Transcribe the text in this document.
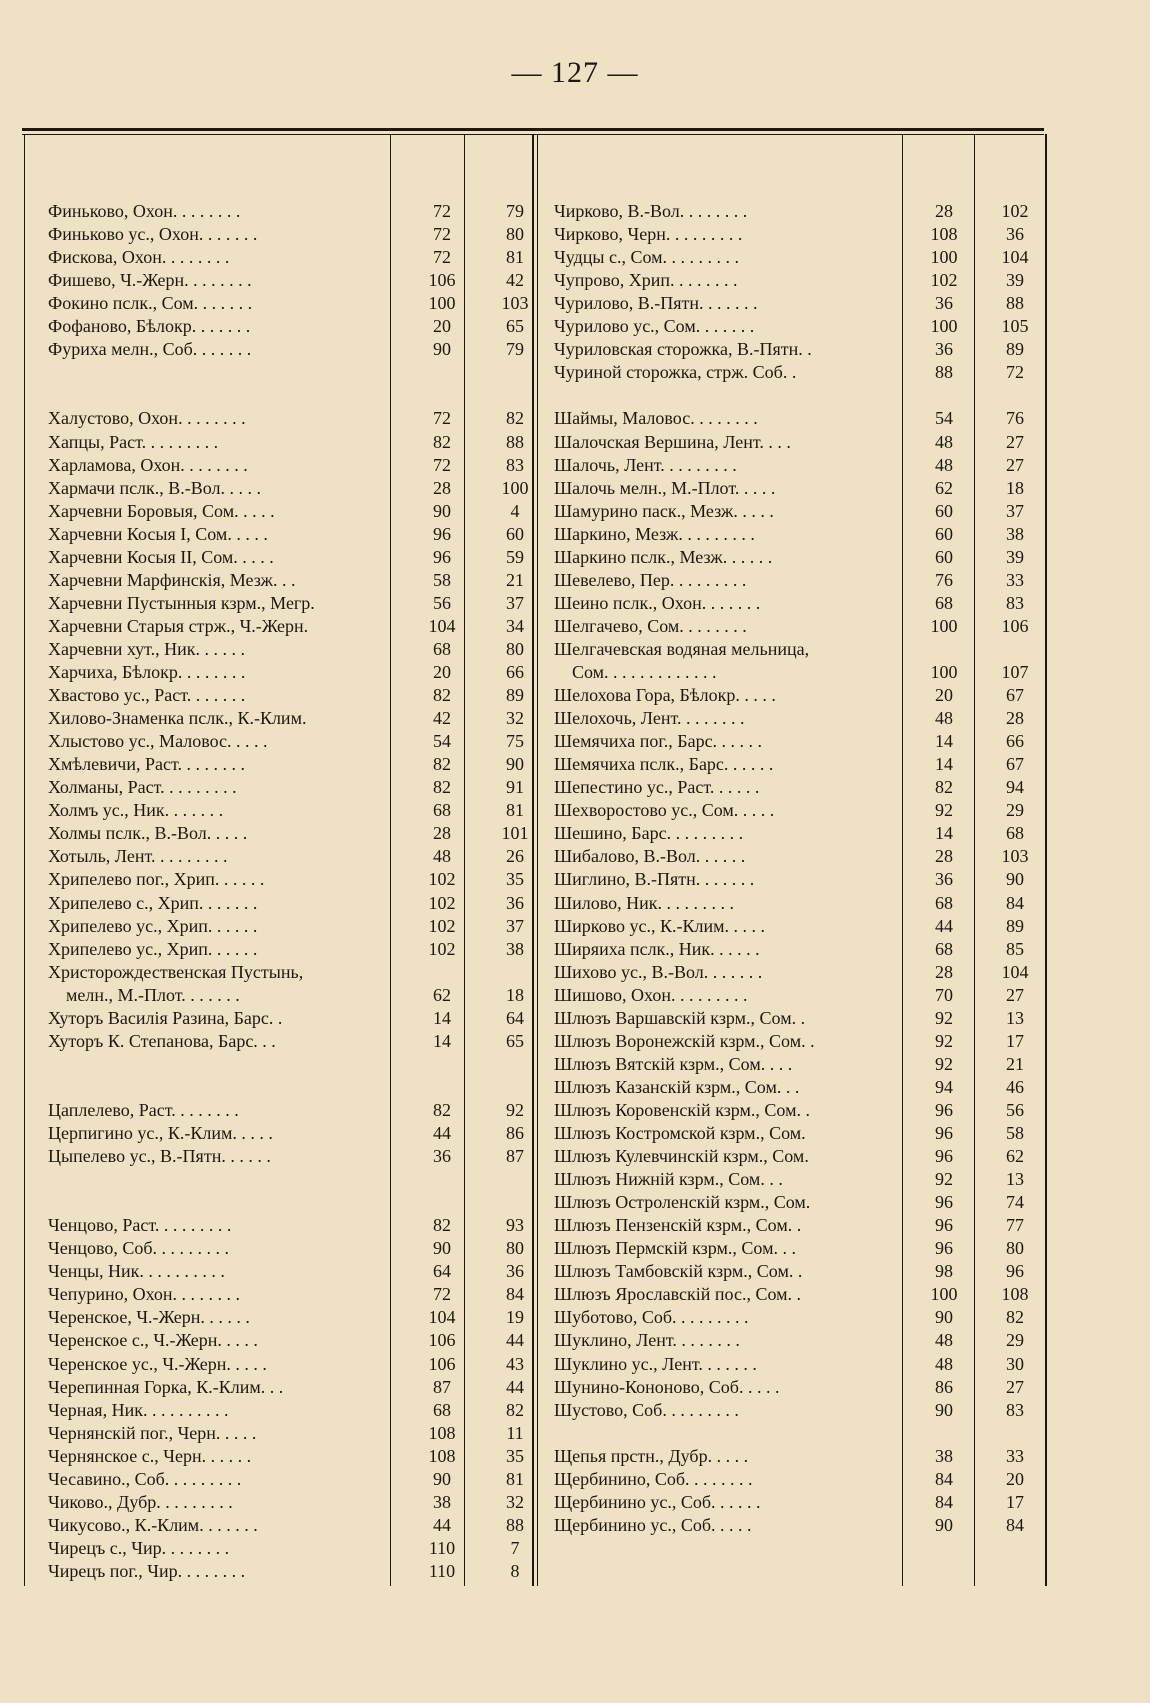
— 127 —
Финьково, Охон. . . . . . . .	72	79
Финьково ус., Охон. . . . . . .	72	80
Фискова, Охон. . . . . . . .	72	81
Фишево, Ч.-Жерн. . . . . . . .	106	42
Фокино пслк., Сом. . . . . . .	100	103
Фофаново, Бѣлокр. . . . . . .	20	65
Фуриха мелн., Соб. . . . . . .	90	79
Халустово, Охон. . . . . . . .	72	82
Хапцы, Раст. . . . . . . . .	82	88
Харламова, Охон. . . . . . . .	72	83
Хармачи пслк., В.-Вол. . . . .	28	100
Харчевни Боровыя, Сом. . . . .	90	4
Харчевни Косыя I, Сом. . . . .	96	60
Харчевни Косыя II, Сом. . . . .	96	59
Харчевни Марфинскія, Мезж. . .	58	21
Харчевни Пустынныя кзрм., Мегр.	56	37
Харчевни Старыя стрж., Ч.-Жерн.	104	34
Харчевни хут., Ник. . . . . .	68	80
Харчиха, Бѣлокр. . . . . . . .	20	66
Хвастово ус., Раст. . . . . . .	82	89
Хилово-Знаменка пслк., К.-Клим.	42	32
Хлыстово ус., Маловос. . . . .	54	75
Хмѣлевичи, Раст. . . . . . . .	82	90
Холманы, Раст. . . . . . . . .	82	91
Холмъ ус., Ник. . . . . . .	68	81
Холмы пслк., В.-Вол. . . . .	28	101
Хотыль, Лент. . . . . . . . .	48	26
Хрипелево пог., Хрип. . . . . .	102	35
Хрипелево с., Хрип. . . . . . .	102	36
Хрипелево ус., Хрип. . . . . .	102	37
Хрипелево ус., Хрип. . . . . .	102	38
Христорождественская Пустынь,
мелн., М.-Плот. . . . . . .	62	18
Хуторъ Василія Разина, Барс. .	14	64
Хуторъ К. Степанова, Барс. . .	14	65
Цаплелево, Раст. . . . . . . .	82	92
Церпигино ус., К.-Клим. . . . .	44	86
Цыпелево ус., В.-Пятн. . . . . .	36	87
Ченцово, Раст. . . . . . . . .	82	93
Ченцово, Соб. . . . . . . . .	90	80
Ченцы, Ник. . . . . . . . . .	64	36
Чепурино, Охон. . . . . . . .	72	84
Черенское, Ч.-Жерн. . . . . .	104	19
Черенское с., Ч.-Жерн. . . . .	106	44
Черенское ус., Ч.-Жерн. . . . .	106	43
Черепинная Горка, К.-Клим. . .	87	44
Черная, Ник. . . . . . . . . .	68	82
Чернянскій пог., Черн. . . . .	108	11
Чернянское с., Черн. . . . . .	108	35
Чесавино., Соб. . . . . . . . .	90	81
Чиково., Дубр. . . . . . . . .	38	32
Чикусово., К.-Клим. . . . . . .	44	88
Чирецъ с., Чир. . . . . . . .	110	7
Чирецъ пог., Чир. . . . . . . .	110	8
Чирково, В.-Вол. . . . . . . .	28	102
Чирково, Черн. . . . . . . . .	108	36
Чудцы с., Сом. . . . . . . . .	100	104
Чупрово, Хрип. . . . . . . .	102	39
Чурилово, В.-Пятн. . . . . . .	36	88
Чурилово ус., Сом. . . . . . .	100	105
Чуриловская сторожка, В.-Пятн. .	36	89
Чуриной сторожка, стрж. Соб. .	88	72
Шаймы, Маловос. . . . . . . .	54	76
Шалочская Вершина, Лент. . . .	48	27
Шалочь, Лент. . . . . . . . .	48	27
Шалочь мелн., М.-Плот. . . . .	62	18
Шамурино паск., Мезж. . . . .	60	37
Шаркино, Мезж. . . . . . . . .	60	38
Шаркино пслк., Мезж. . . . . .	60	39
Шевелево, Пер. . . . . . . . .	76	33
Шеино пслк., Охон. . . . . . .	68	83
Шелгачево, Сом. . . . . . . .	100	106
Шелгачевская водяная мельница,
Сом. . . . . . . . . . . . .	100	107
Шелохова Гора, Бѣлокр. . . . .	20	67
Шелохочь, Лент. . . . . . . .	48	28
Шемячиха пог., Барс. . . . . .	14	66
Шемячиха пслк., Барс. . . . . .	14	67
Шепестино ус., Раст. . . . . .	82	94
Шехворостово ус., Сом. . . . .	92	29
Шешино, Барс. . . . . . . . .	14	68
Шибалово, В.-Вол. . . . . .	28	103
Шиглино, В.-Пятн. . . . . . .	36	90
Шилово, Ник. . . . . . . . .	68	84
Ширково ус., К.-Клим. . . . .	44	89
Ширяиха пслк., Ник. . . . . .	68	85
Шихово ус., В.-Вол. . . . . . .	28	104
Шишово, Охон. . . . . . . . .	70	27
Шлюзъ Варшавскій кзрм., Сом. .	92	13
Шлюзъ Воронежскій кзрм., Сом. .	92	17
Шлюзъ Вятскій кзрм., Сом. . . .	92	21
Шлюзъ Казанскій кзрм., Сом. . .	94	46
Шлюзъ Коровенскій кзрм., Сом. .	96	56
Шлюзъ Костромской кзрм., Сом.	96	58
Шлюзъ Кулевчинскій кзрм., Сом.	96	62
Шлюзъ Нижній кзрм., Сом. . .	92	13
Шлюзъ Остроленскій кзрм., Сом.	96	74
Шлюзъ Пензенскій кзрм., Сом. .	96	77
Шлюзъ Пермскій кзрм., Сом. . .	96	80
Шлюзъ Тамбовскій кзрм., Сом. .	98	96
Шлюзъ Ярославскій пос., Сом. .	100	108
Шуботово, Соб. . . . . . . . .	90	82
Шуклино, Лент. . . . . . . .	48	29
Шуклино ус., Лент. . . . . . .	48	30
Шунино-Кононово, Соб. . . . .	86	27
Шустово, Соб. . . . . . . . .	90	83
Щепья прстн., Дубр. . . . .	38	33
Щербинино, Соб. . . . . . . .	84	20
Щербинино ус., Соб. . . . . .	84	17
Щербинино ус., Соб. . . . .	90	84
